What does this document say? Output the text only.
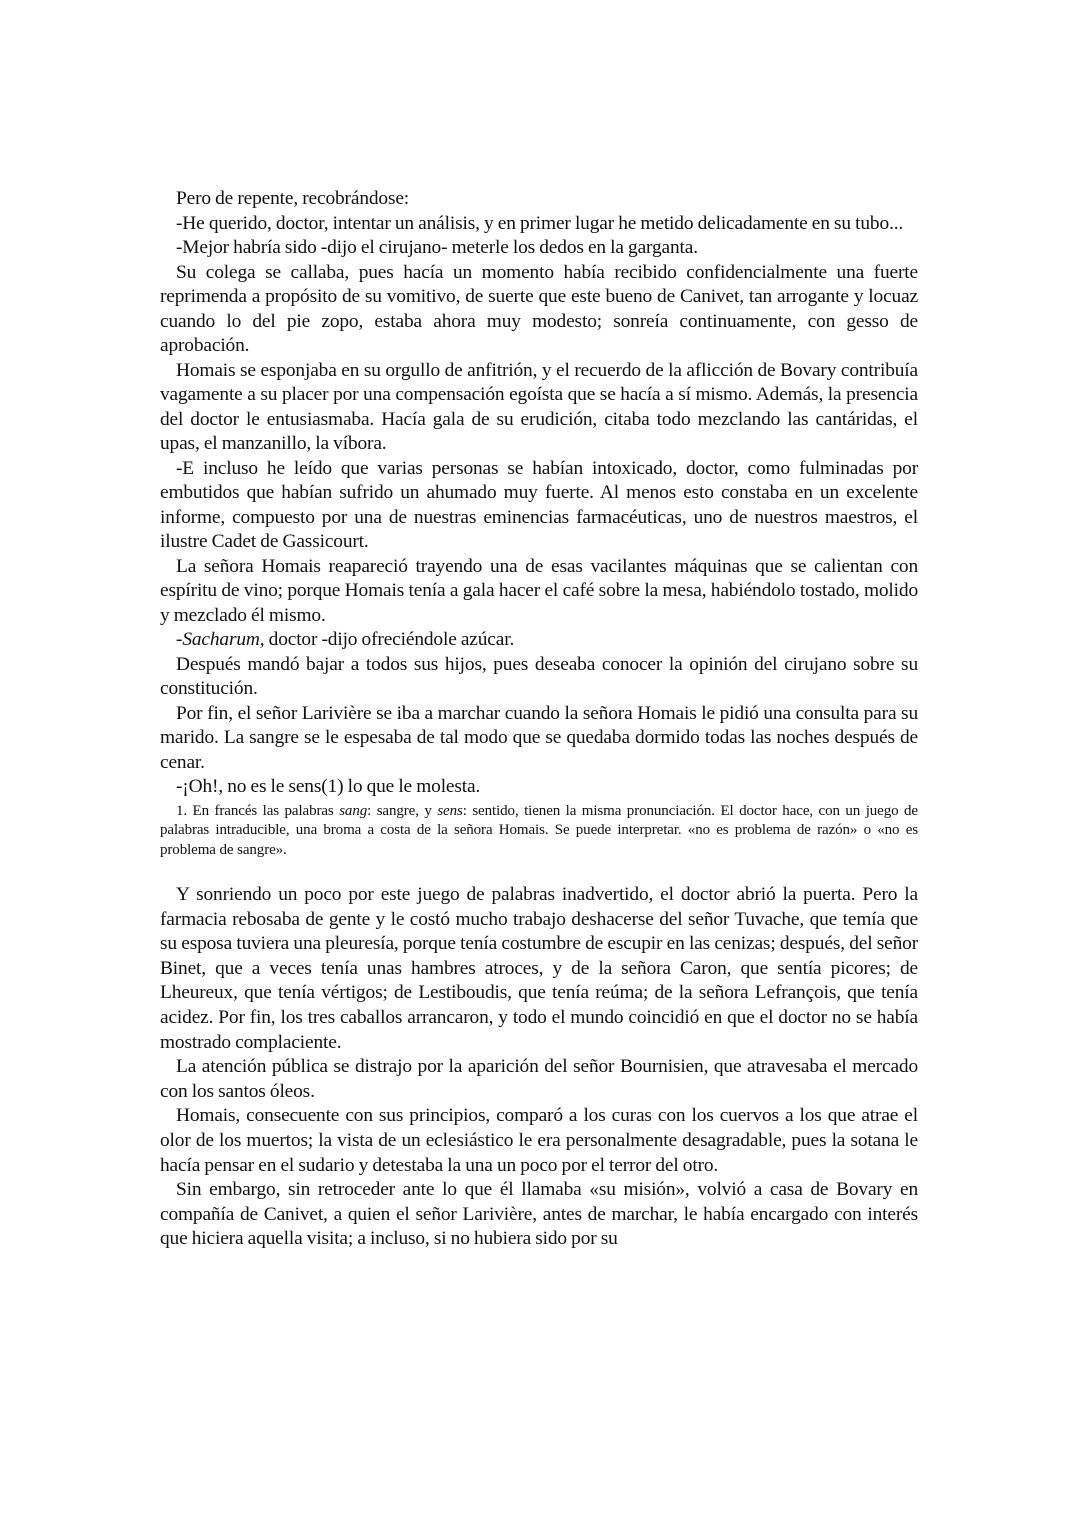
Pero de repente, recobrándose:

-He querido, doctor, intentar un análisis, y en primer lugar he metido delicadamente en su tubo...

-Mejor habría sido -dijo el cirujano- meterle los dedos en la garganta.

Su colega se callaba, pues hacía un momento había recibido confidencialmente una fuerte reprimenda a propósito de su vomitivo, de suerte que este bueno de Canivet, tan arrogante y locuaz cuando lo del pie zopo, estaba ahora muy modesto; sonreía continuamente, con gesso de aprobación.

Homais se esponjaba en su orgullo de anfitrión, y el recuerdo de la aflicción de Bovary contribuía vagamente a su placer por una compensación egoísta que se hacía a sí mismo. Además, la presencia del doctor le entusiasmaba. Hacía gala de su erudición, citaba todo mezclando las cantáridas, el upas, el manzanillo, la víbora.

-E incluso he leído que varias personas se habían intoxicado, doctor, como fulminadas por embutidos que habían sufrido un ahumado muy fuerte. Al menos esto constaba en un excelente informe, compuesto por una de nuestras eminencias farmacéuticas, uno de nuestros maestros, el ilustre Cadet de Gassicourt.

La señora Homais reapareció trayendo una de esas vacilantes máquinas que se calientan con espíritu de vino; porque Homais tenía a gala hacer el café sobre la mesa, habiéndolo tostado, molido y mezclado él mismo.

-Sacharum, doctor -dijo ofreciéndole azúcar.

Después mandó bajar a todos sus hijos, pues deseaba conocer la opinión del cirujano sobre su constitución.

Por fin, el señor Larivière se iba a marchar cuando la señora Homais le pidió una consulta para su marido. La sangre se le espesaba de tal modo que se quedaba dormido todas las noches después de cenar.

-¡Oh!, no es le sens(1) lo que le molesta.

1. En francés las palabras sang: sangre, y sens: sentido, tienen la misma pronunciación. El doctor hace, con un juego de palabras intraducible, una broma a costa de la señora Homais. Se puede interpretar. «no es problema de razón» o «no es problema de sangre».

Y sonriendo un poco por este juego de palabras inadvertido, el doctor abrió la puerta. Pero la farmacia rebosaba de gente y le costó mucho trabajo deshacerse del señor Tuvache, que temía que su esposa tuviera una pleuresía, porque tenía costumbre de escupir en las cenizas; después, del señor Binet, que a veces tenía unas hambres atroces, y de la señora Caron, que sentía picores; de Lheureux, que tenía vértigos; de Lestiboudis, que tenía reúma; de la señora Lefrançois, que tenía acidez. Por fin, los tres caballos arrancaron, y todo el mundo coincidió en que el doctor no se había mostrado complaciente.

La atención pública se distrajo por la aparición del señor Bournisien, que atravesaba el mercado con los santos óleos.

Homais, consecuente con sus principios, comparó a los curas con los cuervos a los que atrae el olor de los muertos; la vista de un eclesiástico le era personalmente desagradable, pues la sotana le hacía pensar en el sudario y detestaba la una un poco por el terror del otro.

Sin embargo, sin retroceder ante lo que él llamaba «su misión», volvió a casa de Bovary en compañía de Canivet, a quien el señor Larivière, antes de marchar, le había encargado con interés que hiciera aquella visita; a incluso, si no hubiera sido por su
